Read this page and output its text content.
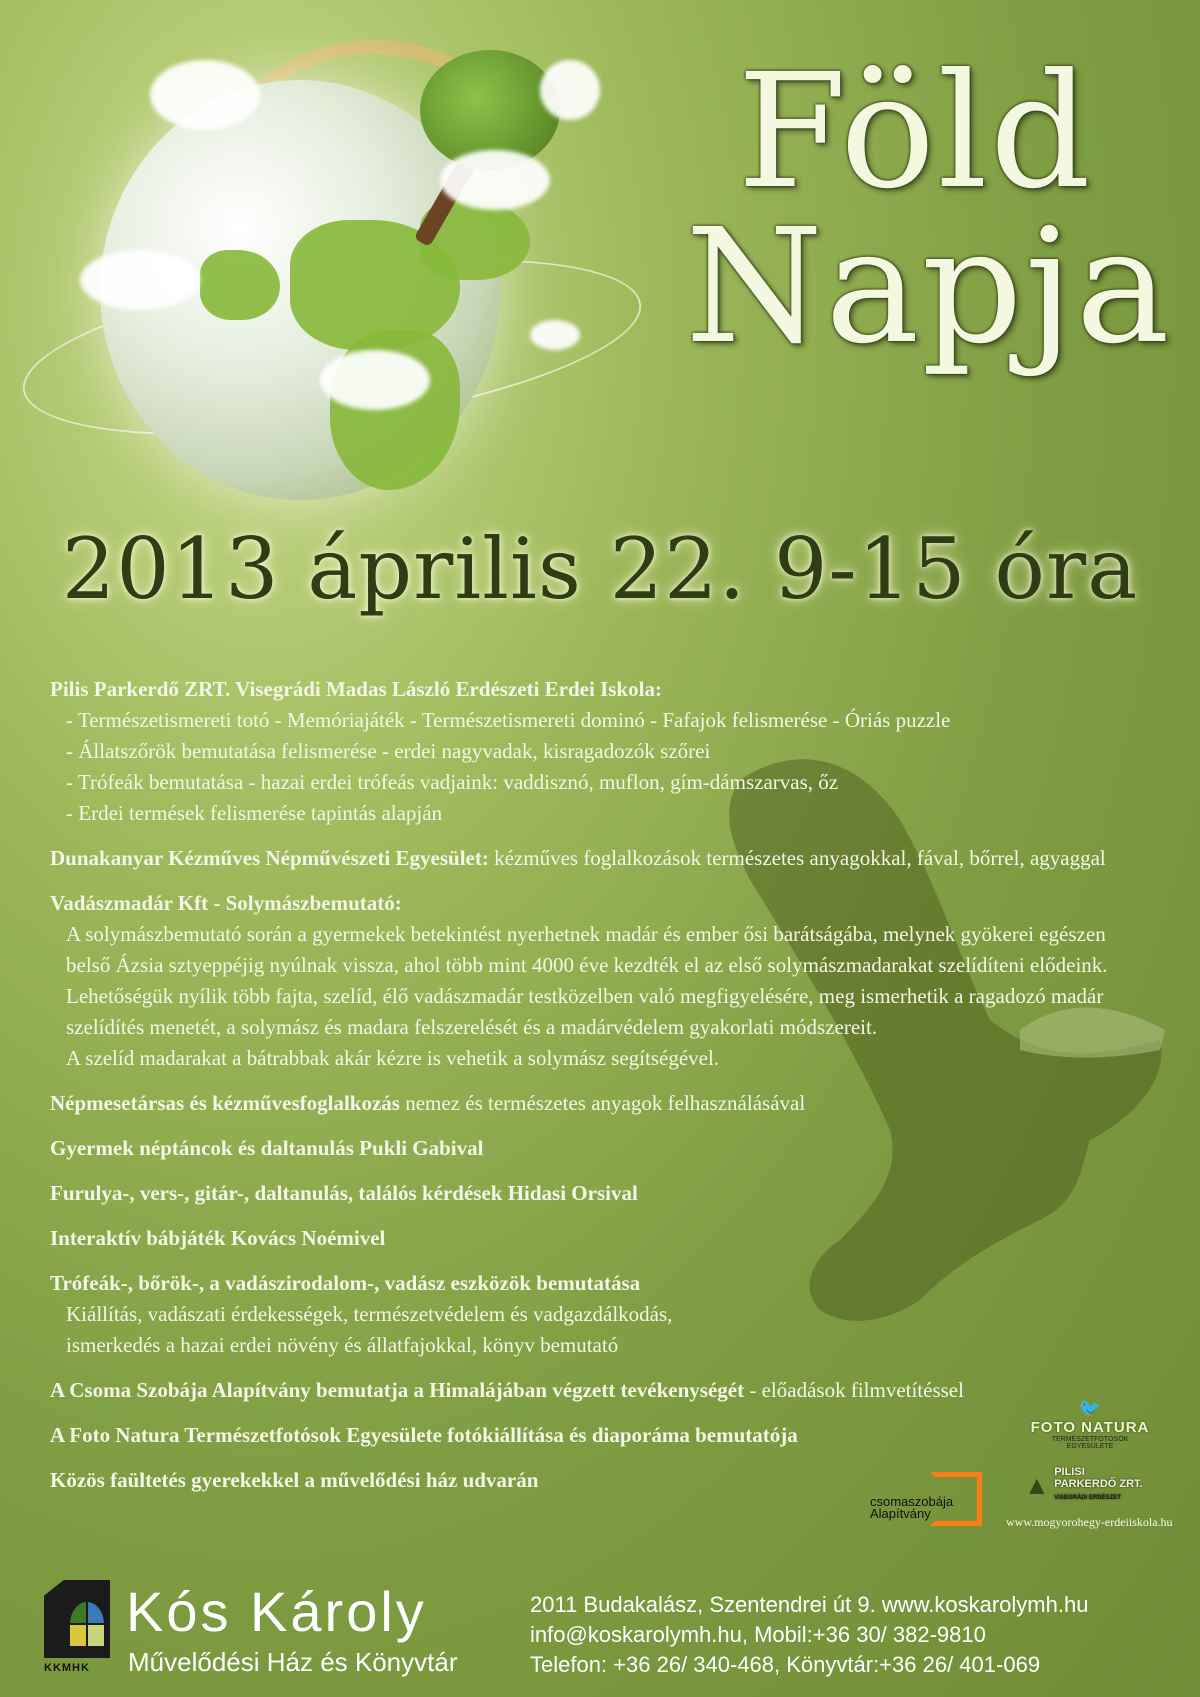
Föld
Napja
2013 április 22. 9-15 óra
Pilis Parkerdő ZRT. Visegrádi Madas László Erdészeti Erdei Iskola:
- Természetismereti totó - Memóriajáték - Természetismereti dominó - Fafajok felismerése - Óriás puzzle
- Állatszőrök bemutatása felismerése - erdei nagyvadak, kisragadozók szőrei
- Trófeák bemutatása - hazai erdei trófeás vadjaink: vaddisznó, muflon, gím-dámszarvas, őz
- Erdei termések felismerése tapintás alapján
Dunakanyar Kézműves Népművészeti Egyesület: kézműves foglalkozások természetes anyagokkal, fával, bőrrel, agyaggal
Vadászmadár Kft - Solymászbemutató:
A solymászbemutató során a gyermekek betekintést nyerhetnek madár és ember ősi barátságába, melynek gyökerei egészen
belső Ázsia sztyeppéjig nyúlnak vissza, ahol több mint 4000 éve kezdték el az első solymászmadarakat szelídíteni elődeink.
Lehetőségük nyílik több fajta, szelíd, élő vadászmadár testközelben való megfigyelésére, meg ismerhetik a ragadozó madár
szelídítés menetét, a solymász és madara felszerelését és a madárvédelem gyakorlati módszereit.
A szelíd madarakat a bátrabbak akár kézre is vehetik a solymász segítségével.
Népmesetársas és kézművesfoglalkozás nemez és természetes anyagok felhasználásával
Gyermek néptáncok és daltanulás Pukli Gabival
Furulya-, vers-, gitár-, daltanulás, találós kérdések Hidasi Orsival
Interaktív bábjáték Kovács Noémivel
Trófeák-, bőrök-, a vadászirodalom-, vadász eszközök bemutatása
Kiállítás, vadászati érdekességek, természetvédelem és vadgazdálkodás,
ismerkedés a hazai erdei növény és állatfajokkal, könyv bemutató
A Csoma Szobája Alapítvány bemutatja a Himalájában végzett tevékenységét - előadások filmvetítéssel
A Foto Natura Természetfotósok Egyesülete fotókiállítása és diaporáma bemutatója
Közös faültetés gyerekekkel a művelődési ház udvarán
🐦
FOTO NATURA
TERMÉSZETFOTÓSOK EGYESÜLETE
csomaszobája
Alapítvány
▲ PILISI
PARKERDŐ ZRT.
VISEGRÁDI ERDÉSZET
www.mogyorohegy-erdeiiskola.hu
KKMHK
Kós Károly
Művelődési Ház és Könyvtár
2011 Budakalász, Szentendrei út 9. www.koskarolymh.hu
info@koskarolymh.hu, Mobil:+36 30/ 382-9810
Telefon: +36 26/ 340-468, Könyvtár:+36 26/ 401-069
